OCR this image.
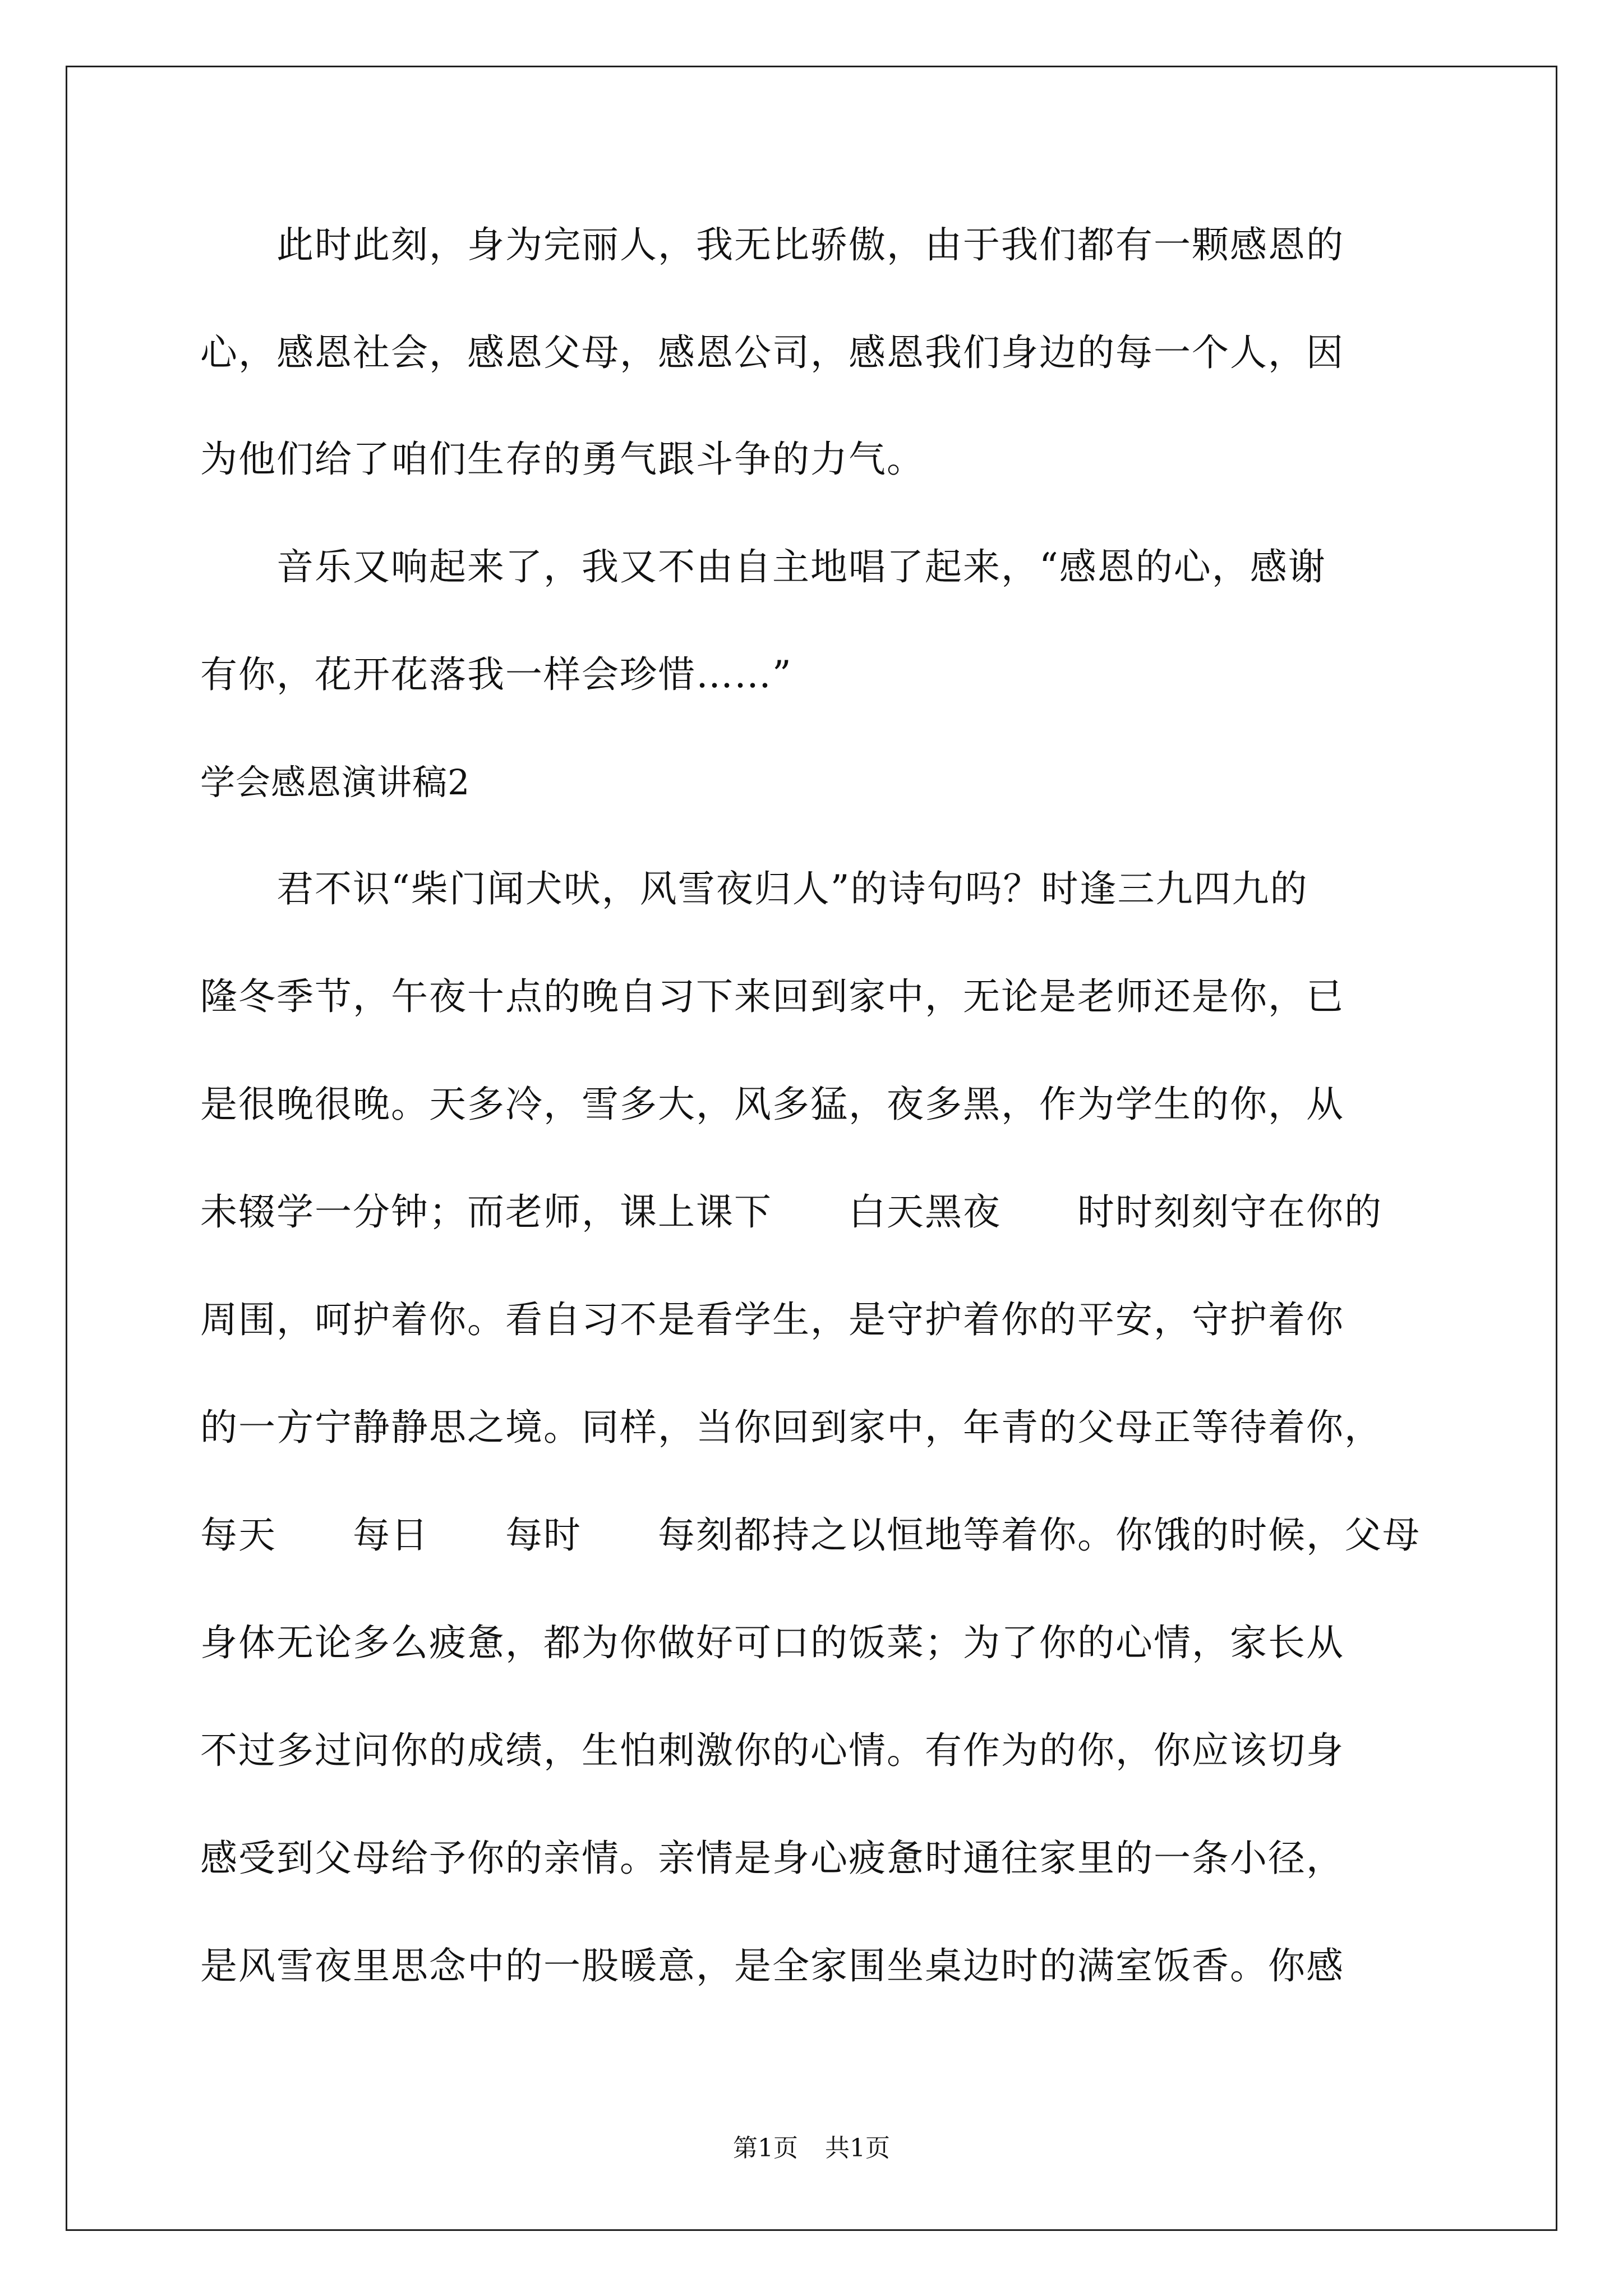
　　此时此刻，身为完丽人，我无比骄傲，由于我们都有一颗感恩的
心，感恩社会，感恩父母，感恩公司，感恩我们身边的每一个人，因
为他们给了咱们生存的勇气跟斗争的力气。
　　音乐又响起来了，我又不由自主地唱了起来，“感恩的心，感谢
有你，花开花落我一样会珍惜……”
学会感恩演讲稿2
　　君不识“柴门闻犬吠，风雪夜归人”的诗句吗？时逢三九四九的
隆冬季节，午夜十点的晚自习下来回到家中，无论是老师还是你，已
是很晚很晚。天多冷，雪多大，风多猛，夜多黑，作为学生的你，从
未辍学一分钟；而老师，课上课下　　白天黑夜　　时时刻刻守在你的
周围，呵护着你。看自习不是看学生，是守护着你的平安，守护着你
的一方宁静静思之境。同样，当你回到家中，年青的父母正等待着你，
每天　　每日　　每时　　每刻都持之以恒地等着你。你饿的时候，父母
身体无论多么疲惫，都为你做好可口的饭菜；为了你的心情，家长从
不过多过问你的成绩，生怕刺激你的心情。有作为的你，你应该切身
感受到父母给予你的亲情。亲情是身心疲惫时通往家里的一条小径，
是风雪夜里思念中的一股暖意，是全家围坐桌边时的满室饭香。你感
第1页 共1页
